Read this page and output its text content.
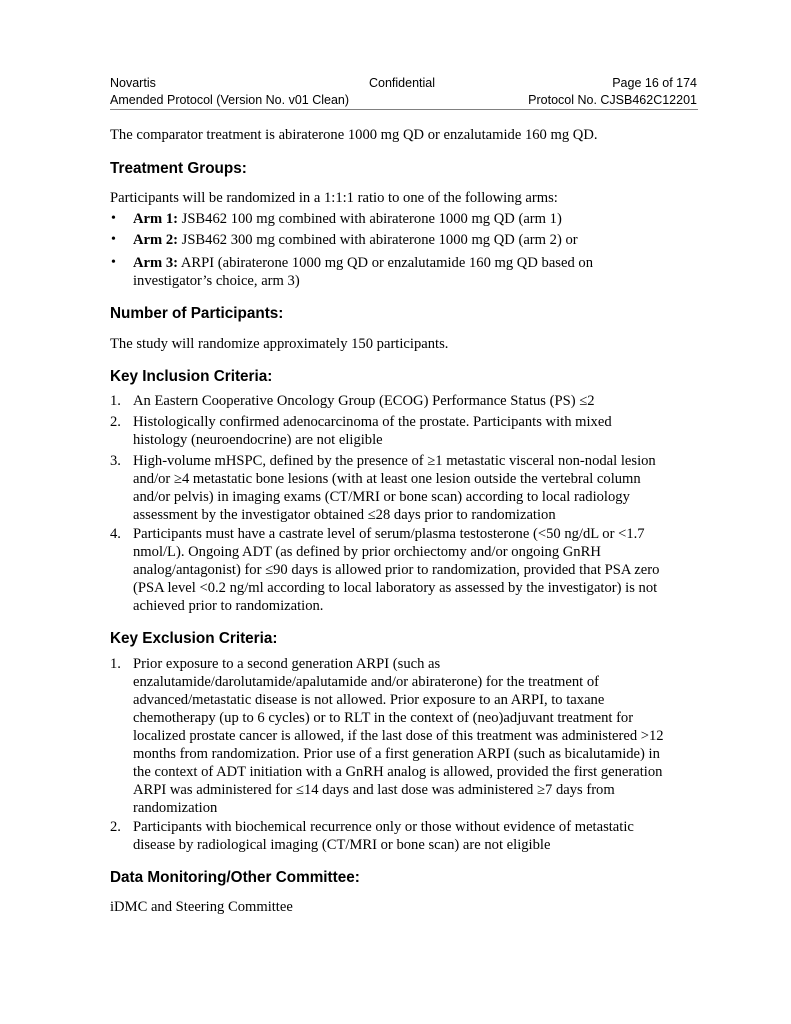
Novartis	Confidential	Page 16 of 174
Amended Protocol (Version No. v01 Clean)	Protocol No. CJSB462C12201
The comparator treatment is abiraterone 1000 mg QD or enzalutamide 160 mg QD.
Treatment Groups:
Participants will be randomized in a 1:1:1 ratio to one of the following arms:
• Arm 1: JSB462 100 mg combined with abiraterone 1000 mg QD (arm 1)
• Arm 2: JSB462 300 mg combined with abiraterone 1000 mg QD (arm 2) or
• Arm 3: ARPI (abiraterone 1000 mg QD or enzalutamide 160 mg QD based on
investigator’s choice, arm 3)
Number of Participants:
The study will randomize approximately 150 participants.
Key Inclusion Criteria:
1. An Eastern Cooperative Oncology Group (ECOG) Performance Status (PS) ≤2
2. Histologically confirmed adenocarcinoma of the prostate. Participants with mixed
histology (neuroendocrine) are not eligible
3. High-volume mHSPC, defined by the presence of ≥1 metastatic visceral non-nodal lesion
and/or ≥4 metastatic bone lesions (with at least one lesion outside the vertebral column
and/or pelvis) in imaging exams (CT/MRI or bone scan) according to local radiology
assessment by the investigator obtained ≤28 days prior to randomization
4. Participants must have a castrate level of serum/plasma testosterone (<50 ng/dL or <1.7
nmol/L). Ongoing ADT (as defined by prior orchiectomy and/or ongoing GnRH
analog/antagonist) for ≤90 days is allowed prior to randomization, provided that PSA zero
(PSA level <0.2 ng/ml according to local laboratory as assessed by the investigator) is not
achieved prior to randomization.
Key Exclusion Criteria:
1. Prior exposure to a second generation ARPI (such as
enzalutamide/darolutamide/apalutamide and/or abiraterone) for the treatment of
advanced/metastatic disease is not allowed. Prior exposure to an ARPI, to taxane
chemotherapy (up to 6 cycles) or to RLT in the context of (neo)adjuvant treatment for
localized prostate cancer is allowed, if the last dose of this treatment was administered >12
months from randomization. Prior use of a first generation ARPI (such as bicalutamide) in
the context of ADT initiation with a GnRH analog is allowed, provided the first generation
ARPI was administered for ≤14 days and last dose was administered ≥7 days from
randomization
2. Participants with biochemical recurrence only or those without evidence of metastatic
disease by radiological imaging (CT/MRI or bone scan) are not eligible
Data Monitoring/Other Committee:
iDMC and Steering Committee
